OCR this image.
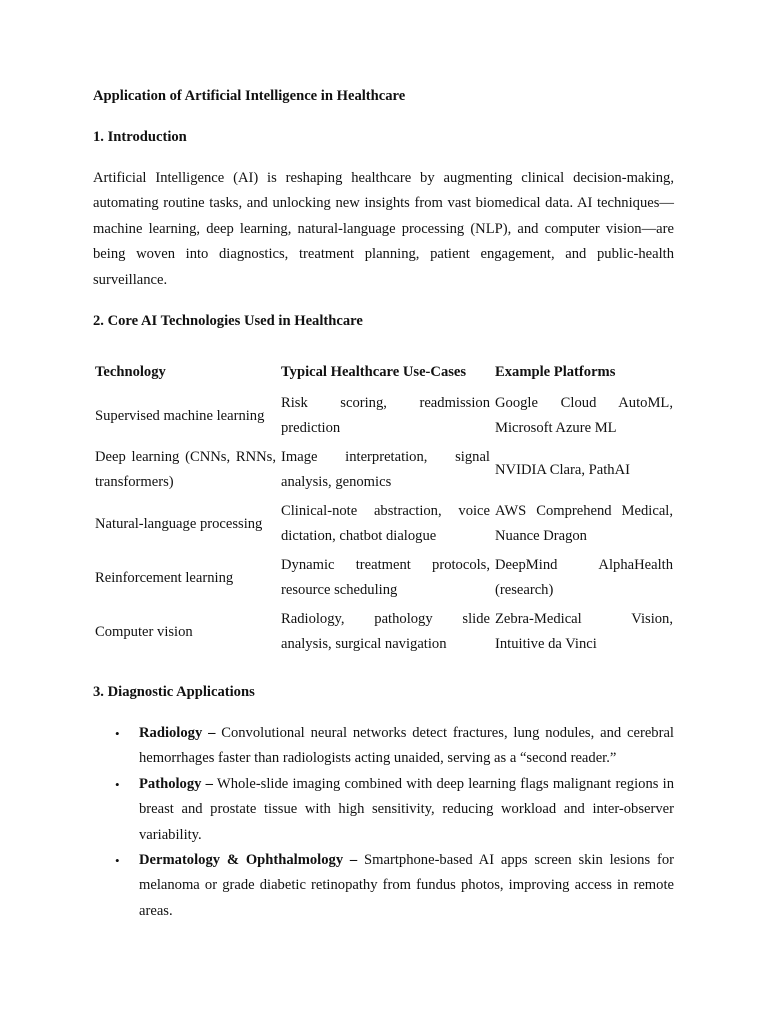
Application of Artificial Intelligence in Healthcare
1. Introduction

Artificial Intelligence (AI) is reshaping healthcare by augmenting clinical decision-making, automating routine tasks, and unlocking new insights from vast biomedical data. AI techniques—machine learning, deep learning, natural-language processing (NLP), and computer vision—are being woven into diagnostics, treatment planning, patient engagement, and public-health surveillance.

2. Core AI Technologies Used in Healthcare
Technology	Typical Healthcare Use-Cases	Example Platforms
Supervised machine learning	Risk scoring, readmission prediction	Google Cloud AutoML, Microsoft Azure ML
Deep learning (CNNs, RNNs, transformers)	Image interpretation, signal analysis, genomics	NVIDIA Clara, PathAI
Natural-language processing	Clinical-note abstraction, voice dictation, chatbot dialogue	AWS Comprehend Medical, Nuance Dragon
Reinforcement learning	Dynamic treatment protocols, resource scheduling	DeepMind AlphaHealth (research)
Computer vision	Radiology, pathology slide analysis, surgical navigation	Zebra-Medical Vision, Intuitive da Vinci
3. Diagnostic Applications
• Radiology – Convolutional neural networks detect fractures, lung nodules, and cerebral hemorrhages faster than radiologists acting unaided, serving as a “second reader.”
• Pathology – Whole-slide imaging combined with deep learning flags malignant regions in breast and prostate tissue with high sensitivity, reducing workload and inter-observer variability.
• Dermatology & Ophthalmology – Smartphone-based AI apps screen skin lesions for melanoma or grade diabetic retinopathy from fundus photos, improving access in remote areas.
